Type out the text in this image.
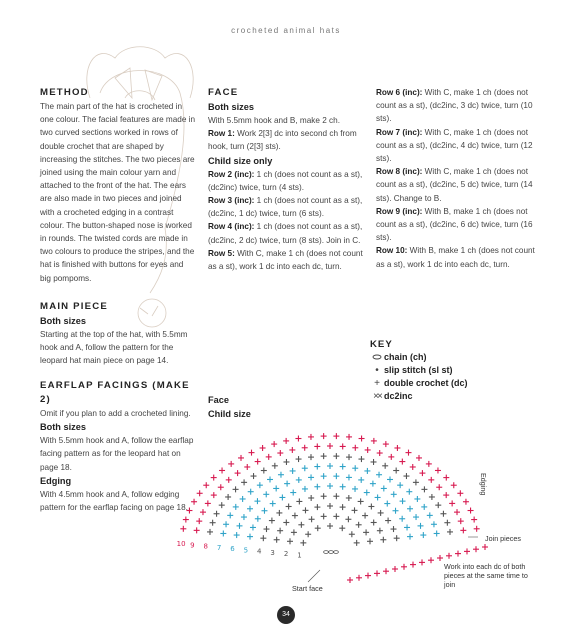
crocheted animal hats
METHOD

The main part of the hat is crocheted in one colour. The facial features are made in two curved sections worked in rows of double crochet that are shaped by increasing the stitches. The two pieces are joined using the main colour yarn and attached to the front of the hat. The ears are also made in two pieces and joined with a crocheted edging in a contrast colour. The button-shaped nose is worked in rounds. The twisted cords are made in two colours to produce the stripes, and the hat is finished with buttons for eyes and big pompoms.

MAIN PIECE
Both sizes

Starting at the top of the hat, with 5.5mm hook and A, follow the pattern for the leopard hat main piece on page 14.

EARFLAP FACINGS (MAKE 2)

Omit if you plan to add a crocheted lining.

Both sizes

With 5.5mm hook and A, follow the earflap facing pattern as for the leopard hat on page 18.

Edging

With 4.5mm hook and A, follow edging pattern for the earflap facing on page 18.

FACE
Both sizes

With 5.5mm hook and B, make 2 ch.

Row 1: Work 2[3] dc into second ch from hook, turn (2[3] sts).

Child size only

Row 2 (inc): 1 ch (does not count as a st), (dc2inc) twice, turn (4 sts).

Row 3 (inc): 1 ch (does not count as a st), (dc2inc, 1 dc) twice, turn (6 sts).

Row 4 (inc): 1 ch (does not count as a st), (dc2inc, 2 dc) twice, turn (8 sts). Join in C.

Row 5: With C, make 1 ch (does not count as a st), work 1 dc into each dc, turn.

Row 6 (inc): With C, make 1 ch (does not count as a st), (dc2inc, 3 dc) twice, turn (10 sts).

Row 7 (inc): With C, make 1 ch (does not count as a st), (dc2inc, 4 dc) twice, turn (12 sts).

Row 8 (inc): With C, make 1 ch (does not count as a st), (dc2inc, 5 dc) twice, turn (14 sts). Change to B.

Row 9 (inc): With B, make 1 ch (does not count as a st), (dc2inc, 6 dc) twice, turn (16 sts).

Row 10: With B, make 1 ch (does not count as a st), work 1 dc into each dc, turn.

KEY
chain (ch)
• slip stitch (sl st)
+ double crochet (dc)
×× dc2inc
Face
Child size
1
2
3
4
5
6
7
8
9
10
Edging
Join pieces
Work into each dc of both pieces at the same time to join
Start face
34
